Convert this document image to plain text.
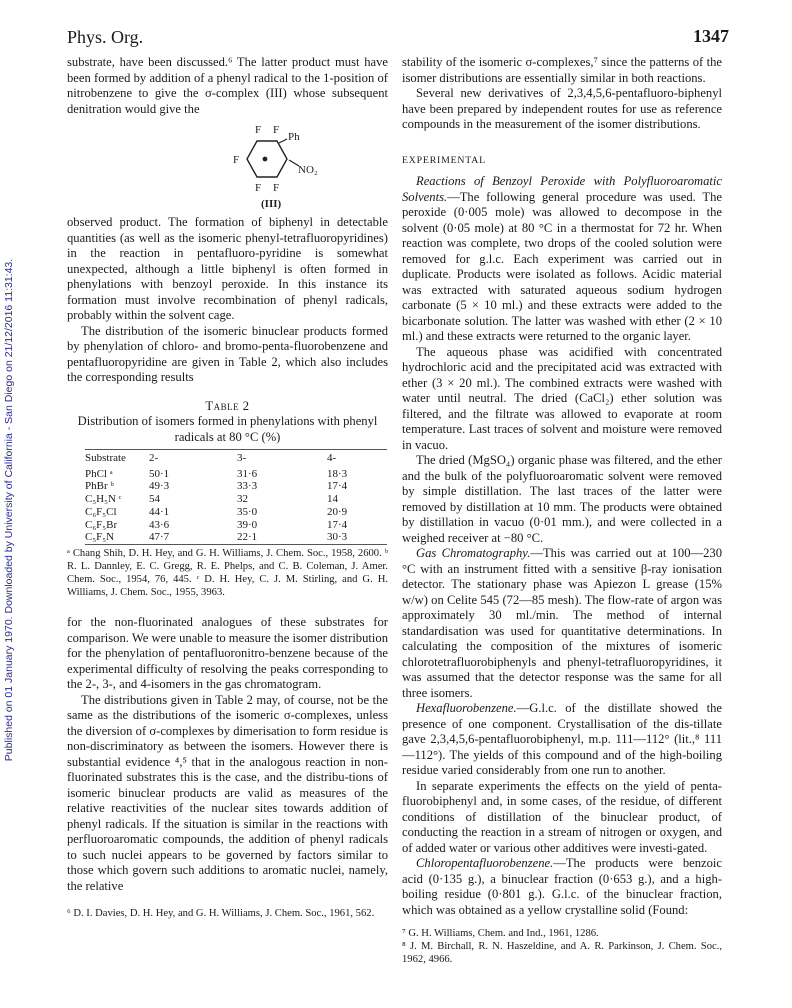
Published on 01 January 1970. Downloaded by University of California - San Diego on 21/12/2016 11:31:43.
Phys. Org.	1347

substrate, have been discussed.⁶ The latter product must have been formed by addition of a phenyl radical to the 1-position of nitrobenzene to give the σ-complex (III) whose subsequent denitration would give the

F F
Ph
F
NO₂
F F
(III)

observed product. The formation of biphenyl in detectable quantities (as well as the isomeric phenyl-tetrafluoropyridines) in the reaction in pentafluoro-pyridine is somewhat unexpected, although a little biphenyl is often formed in phenylations with benzoyl peroxide. In this instance its formation must involve recombination of phenyl radicals, probably within the solvent cage.

The distribution of the isomeric binuclear products formed by phenylation of chloro- and bromo-penta-fluorobenzene and pentafluoropyridine are given in Table 2, which also includes the corresponding results

Table 2
Distribution of isomers formed in phenylations with phenyl radicals at 80 °C (%)
Substrate	2-	3-	4-
PhCl ᵃ	50·1	31·6	18·3
PhBr ᵇ	49·3	33·3	17·4
C₅H₅N ᶜ	54	32	14
C₆F₅Cl	44·1	35·0	20·9
C₆F₅Br	43·6	39·0	17·4
C₅F₅N	47·7	22·1	30·3
ᵃ Chang Shih, D. H. Hey, and G. H. Williams, J. Chem. Soc., 1958, 2600. ᵇ R. L. Dannley, E. C. Gregg, R. E. Phelps, and C. B. Coleman, J. Amer. Chem. Soc., 1954, 76, 445. ᶜ D. H. Hey, C. J. M. Stirling, and G. H. Williams, J. Chem. Soc., 1955, 3963.

for the non-fluorinated analogues of these substrates for comparison. We were unable to measure the isomer distribution for the phenylation of pentafluoronitro-benzene because of the experimental difficulty of resolving the peaks corresponding to the 2-, 3-, and 4-isomers in the gas chromatogram.

The distributions given in Table 2 may, of course, not be the same as the distributions of the isomeric σ-complexes, unless the diversion of σ-complexes by dimerisation to form residue is non-discriminatory as between the isomers. However there is substantial evidence ⁴,⁵ that in the analogous reaction in non-fluorinated substrates this is the case, and the distribu-tions of isomeric binuclear products are valid as measures of the relative reactivities of the nuclear sites towards addition of phenyl radicals. If the situation is similar in the reactions with perfluoroaromatic compounds, the addition of phenyl radicals to such nuclei appears to be governed by factors similar to those which govern such additions to aromatic nuclei, namely, the relative

⁶ D. I. Davies, D. H. Hey, and G. H. Williams, J. Chem. Soc., 1961, 562.

stability of the isomeric σ-complexes,⁷ since the patterns of the isomer distributions are essentially similar in both reactions.

Several new derivatives of 2,3,4,5,6-pentafluoro-biphenyl have been prepared by independent routes for use as reference compounds in the measurement of the isomer distributions.

EXPERIMENTAL

Reactions of Benzoyl Peroxide with Polyfluoroaromatic Solvents.—The following general procedure was used. The peroxide (0·005 mole) was allowed to decompose in the solvent (0·05 mole) at 80 °C in a thermostat for 72 hr. When reaction was complete, two drops of the cooled solution were removed for g.l.c. Each experiment was carried out in duplicate. Products were isolated as follows. Acidic material was extracted with saturated aqueous sodium hydrogen carbonate (5 × 10 ml.) and these extracts were added to the bicarbonate solution. The latter was washed with ether (2 × 10 ml.) and these extracts were returned to the organic layer.

The aqueous phase was acidified with concentrated hydrochloric acid and the precipitated acid was extracted with ether (3 × 20 ml.). The combined extracts were washed with water until neutral. The dried (CaCl₂) ether solution was filtered, and the filtrate was allowed to evaporate at room temperature. Last traces of solvent and moisture were removed in vacuo.

The dried (MgSO₄) organic phase was filtered, and the ether and the bulk of the polyfluoroaromatic solvent were removed by simple distillation. The last traces of the latter were removed by distillation at 10 mm. The products were obtained by distillation in vacuo (0·01 mm.), and were collected in a weighed receiver at −80 °C.

Gas Chromatography.—This was carried out at 100—230 °C with an instrument fitted with a sensitive β-ray ionisation detector. The stationary phase was Apiezon L grease (15% w/w) on Celite 545 (72—85 mesh). The flow-rate of argon was approximately 30 ml./min. The method of internal standardisation was used for quantitative determinations. In calculating the composition of the mixtures of isomeric chlorotetrafluorobiphenyls and phenyl-tetrafluoropyridines, it was assumed that the detector response was the same for all three isomers.

Hexafluorobenzene.—G.l.c. of the distillate showed the presence of one component. Crystallisation of the dis-tillate gave 2,3,4,5,6-pentafluorobiphenyl, m.p. 111—112° (lit.,⁸ 111—112°). The yields of this compound and of the high-boiling residue varied considerably from one run to another.

In separate experiments the effects on the yield of penta-fluorobiphenyl and, in some cases, of the residue, of different conditions of distillation of the binuclear product, of conducting the reaction in a stream of nitrogen or oxygen, and of added water or various other additives were investi-gated.

Chloropentafluorobenzene.—The products were benzoic acid (0·135 g.), a binuclear fraction (0·653 g.), and a high-boiling residue (0·801 g.). G.l.c. of the binuclear fraction, which was obtained as a yellow crystalline solid (Found:

⁷ G. H. Williams, Chem. and Ind., 1961, 1286.
⁸ J. M. Birchall, R. N. Haszeldine, and A. R. Parkinson, J. Chem. Soc., 1962, 4966.
